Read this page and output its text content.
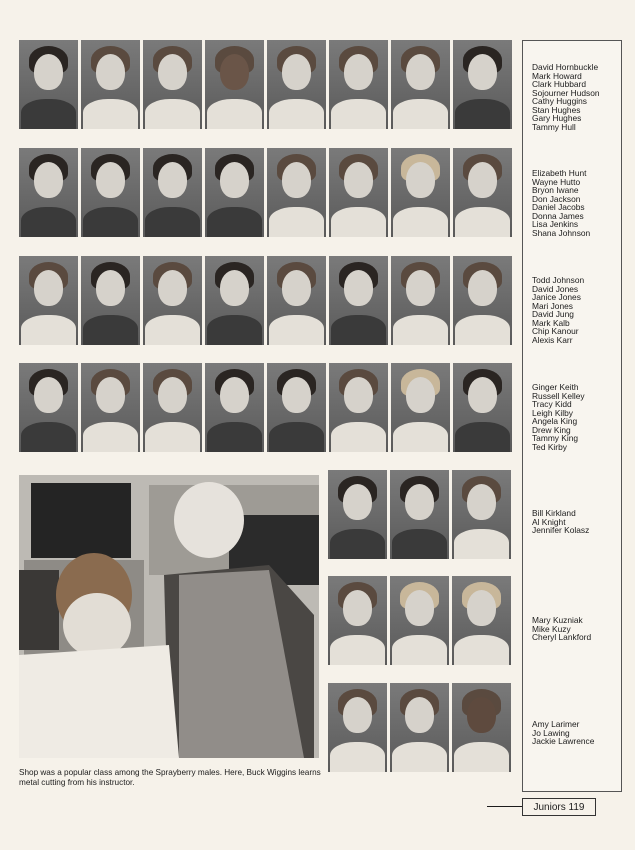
Shop was a popular class among the Sprayberry males. Here, Buck Wiggins learns metal cutting from his instructor.
David Hornbuckle
Mark Howard
Clark Hubbard
Sojourner Hudson
Cathy Huggins
Stan Hughes
Gary Hughes
Tammy Hull
Elizabeth Hunt
Wayne Hutto
Bryon Iwane
Don Jackson
Daniel Jacobs
Donna James
Lisa Jenkins
Shana Johnson
Todd Johnson
David Jones
Janice Jones
Mari Jones
David Jung
Mark Kalb
Chip Kanour
Alexis Karr
Ginger Keith
Russell Kelley
Tracy Kidd
Leigh Kilby
Angela King
Drew King
Tammy King
Ted Kirby
Bill Kirkland
Al Knight
Jennifer Kolasz
Mary Kuzniak
Mike Kuzy
Cheryl Lankford
Amy Larimer
Jo Lawing
Jackie Lawrence
Juniors
119
